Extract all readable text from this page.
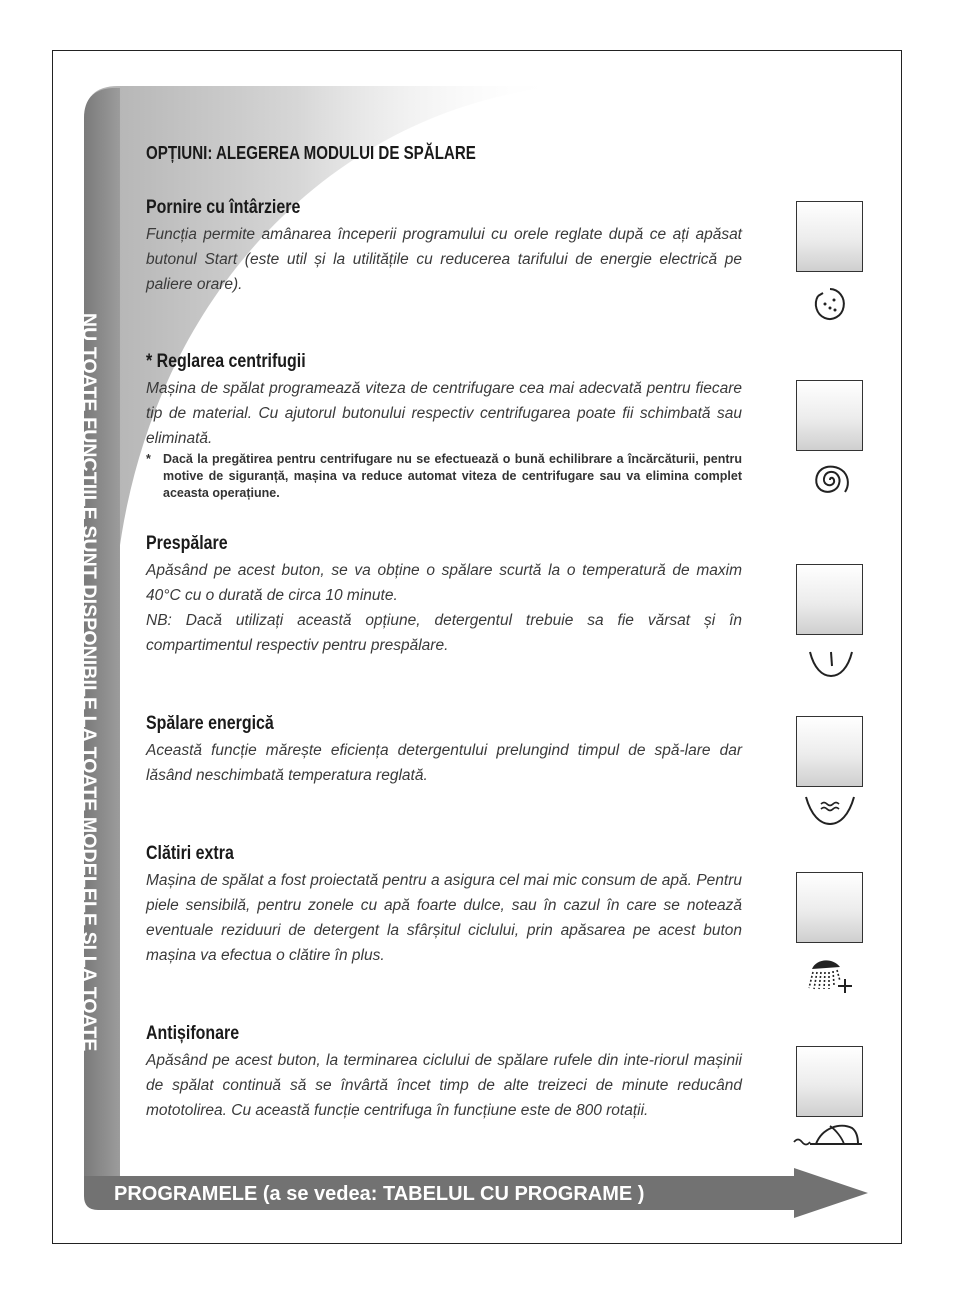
NU TOATE FUNCȚIILE SUNT DISPONIBILE LA TOATE MODELELE ȘI LA TOATE
OPȚIUNI: ALEGEREA MODULUI DE SPĂLARE
Pornire cu întârziere
Funcția permite amânarea începerii programului cu orele reglate după ce ați apăsat butonul Start (este util și la utilitățile cu reducerea tarifului de energie electrică pe paliere orare).
* Reglarea centrifugii
Mașina de spălat programează viteza de centrifugare cea mai adecvată pentru fiecare tip de material. Cu ajutorul butonului respectiv centrifugarea poate fii schimbată sau eliminată.
* Dacă la pregătirea pentru centrifugare nu se efectuează o bună echilibrare a încărcăturii, pentru motive de siguranță, mașina va reduce automat viteza de centrifugare sau va elimina complet aceasta operațiune.
Prespălare
Apăsând pe acest buton, se va obține o spălare scurtă la o temperatură de maxim 40°C cu o durată de circa 10 minute.
NB: Dacă utilizați această opțiune, detergentul trebuie sa fie vărsat și în compartimentul respectiv pentru prespălare.
Spălare energică
Această funcție mărește eficiența detergentului prelungind timpul de spă-lare dar lăsând neschimbată temperatura reglată.
Clătiri extra
Mașina de spălat a fost proiectată pentru a asigura cel mai mic consum de apă. Pentru piele sensibilă, pentru zonele cu apă foarte dulce, sau în cazul în care se notează eventuale reziduuri de detergent la sfârșitul ciclului, prin apăsarea pe acest buton mașina va efectua o clătire în plus.
Antișifonare
Apăsând pe acest buton, la terminarea ciclului de spălare rufele din inte-riorul mașinii de spălat continuă să se învârtă încet timp de alte treizeci de minute reducând mototolirea. Cu această funcție centrifuga în funcțiune este de 800 rotații.
PROGRAMELE (a se vedea: TABELUL CU PROGRAME )
